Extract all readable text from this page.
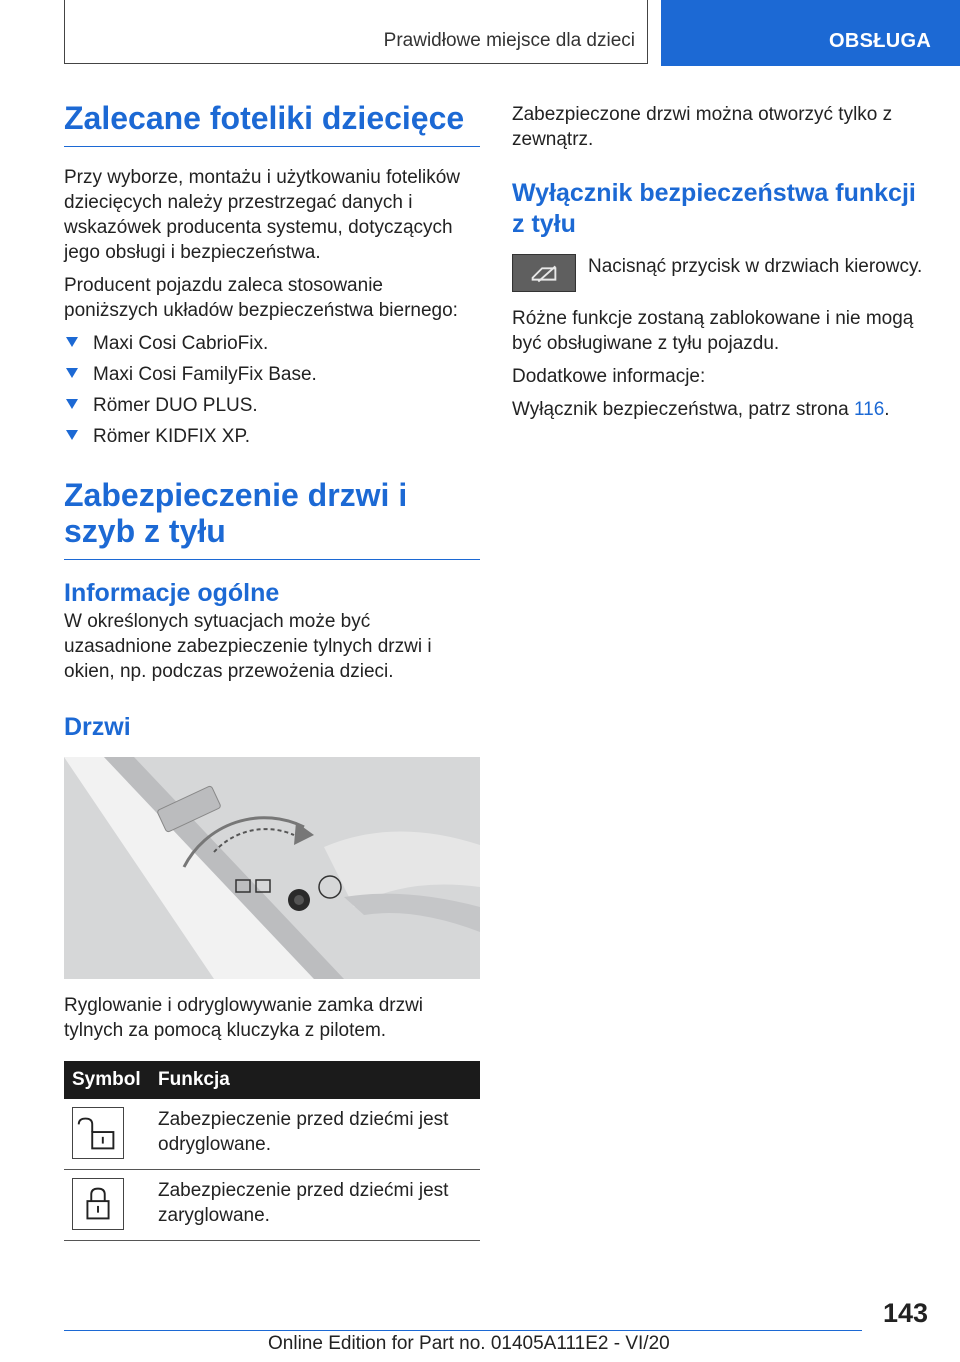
Prawidłowe miejsce dla dzieci	OBSŁUGA
Zalecane foteliki dziecięce

Przy wyborze, montażu i użytkowaniu fotelików dziecięcych należy przestrzegać danych i wskazówek producenta systemu, dotyczących jego obsługi i bezpieczeństwa.

Producent pojazdu zaleca stosowanie poniższych układów bezpieczeństwa biernego:

Maxi Cosi CabrioFix.
Maxi Cosi FamilyFix Base.
Römer DUO PLUS.
Römer KIDFIX XP.
Zabezpieczenie drzwi i szyb z tyłu
Informacje ogólne

W określonych sytuacjach może być uzasadnione zabezpieczenie tylnych drzwi i okien, np. podczas przewożenia dzieci.

Drzwi

Ryglowanie i odryglowywanie zamka drzwi tylnych za pomocą kluczyka z pilotem.

Symbol	Funkcja

	Zabezpieczenie przed dziećmi jest odryglowane.

	Zabezpieczenie przed dziećmi jest zaryglowane.

Zabezpieczone drzwi można otworzyć tylko z zewnątrz.

Wyłącznik bezpieczeństwa funkcji z tyłu
Nacisnąć przycisk w drzwiach kierowcy.

Różne funkcje zostaną zablokowane i nie mogą być obsługiwane z tyłu pojazdu.

Dodatkowe informacje:

Wyłącznik bezpieczeństwa, patrz strona 116.

143
Online Edition for Part no. 01405A111E2 - VI/20
